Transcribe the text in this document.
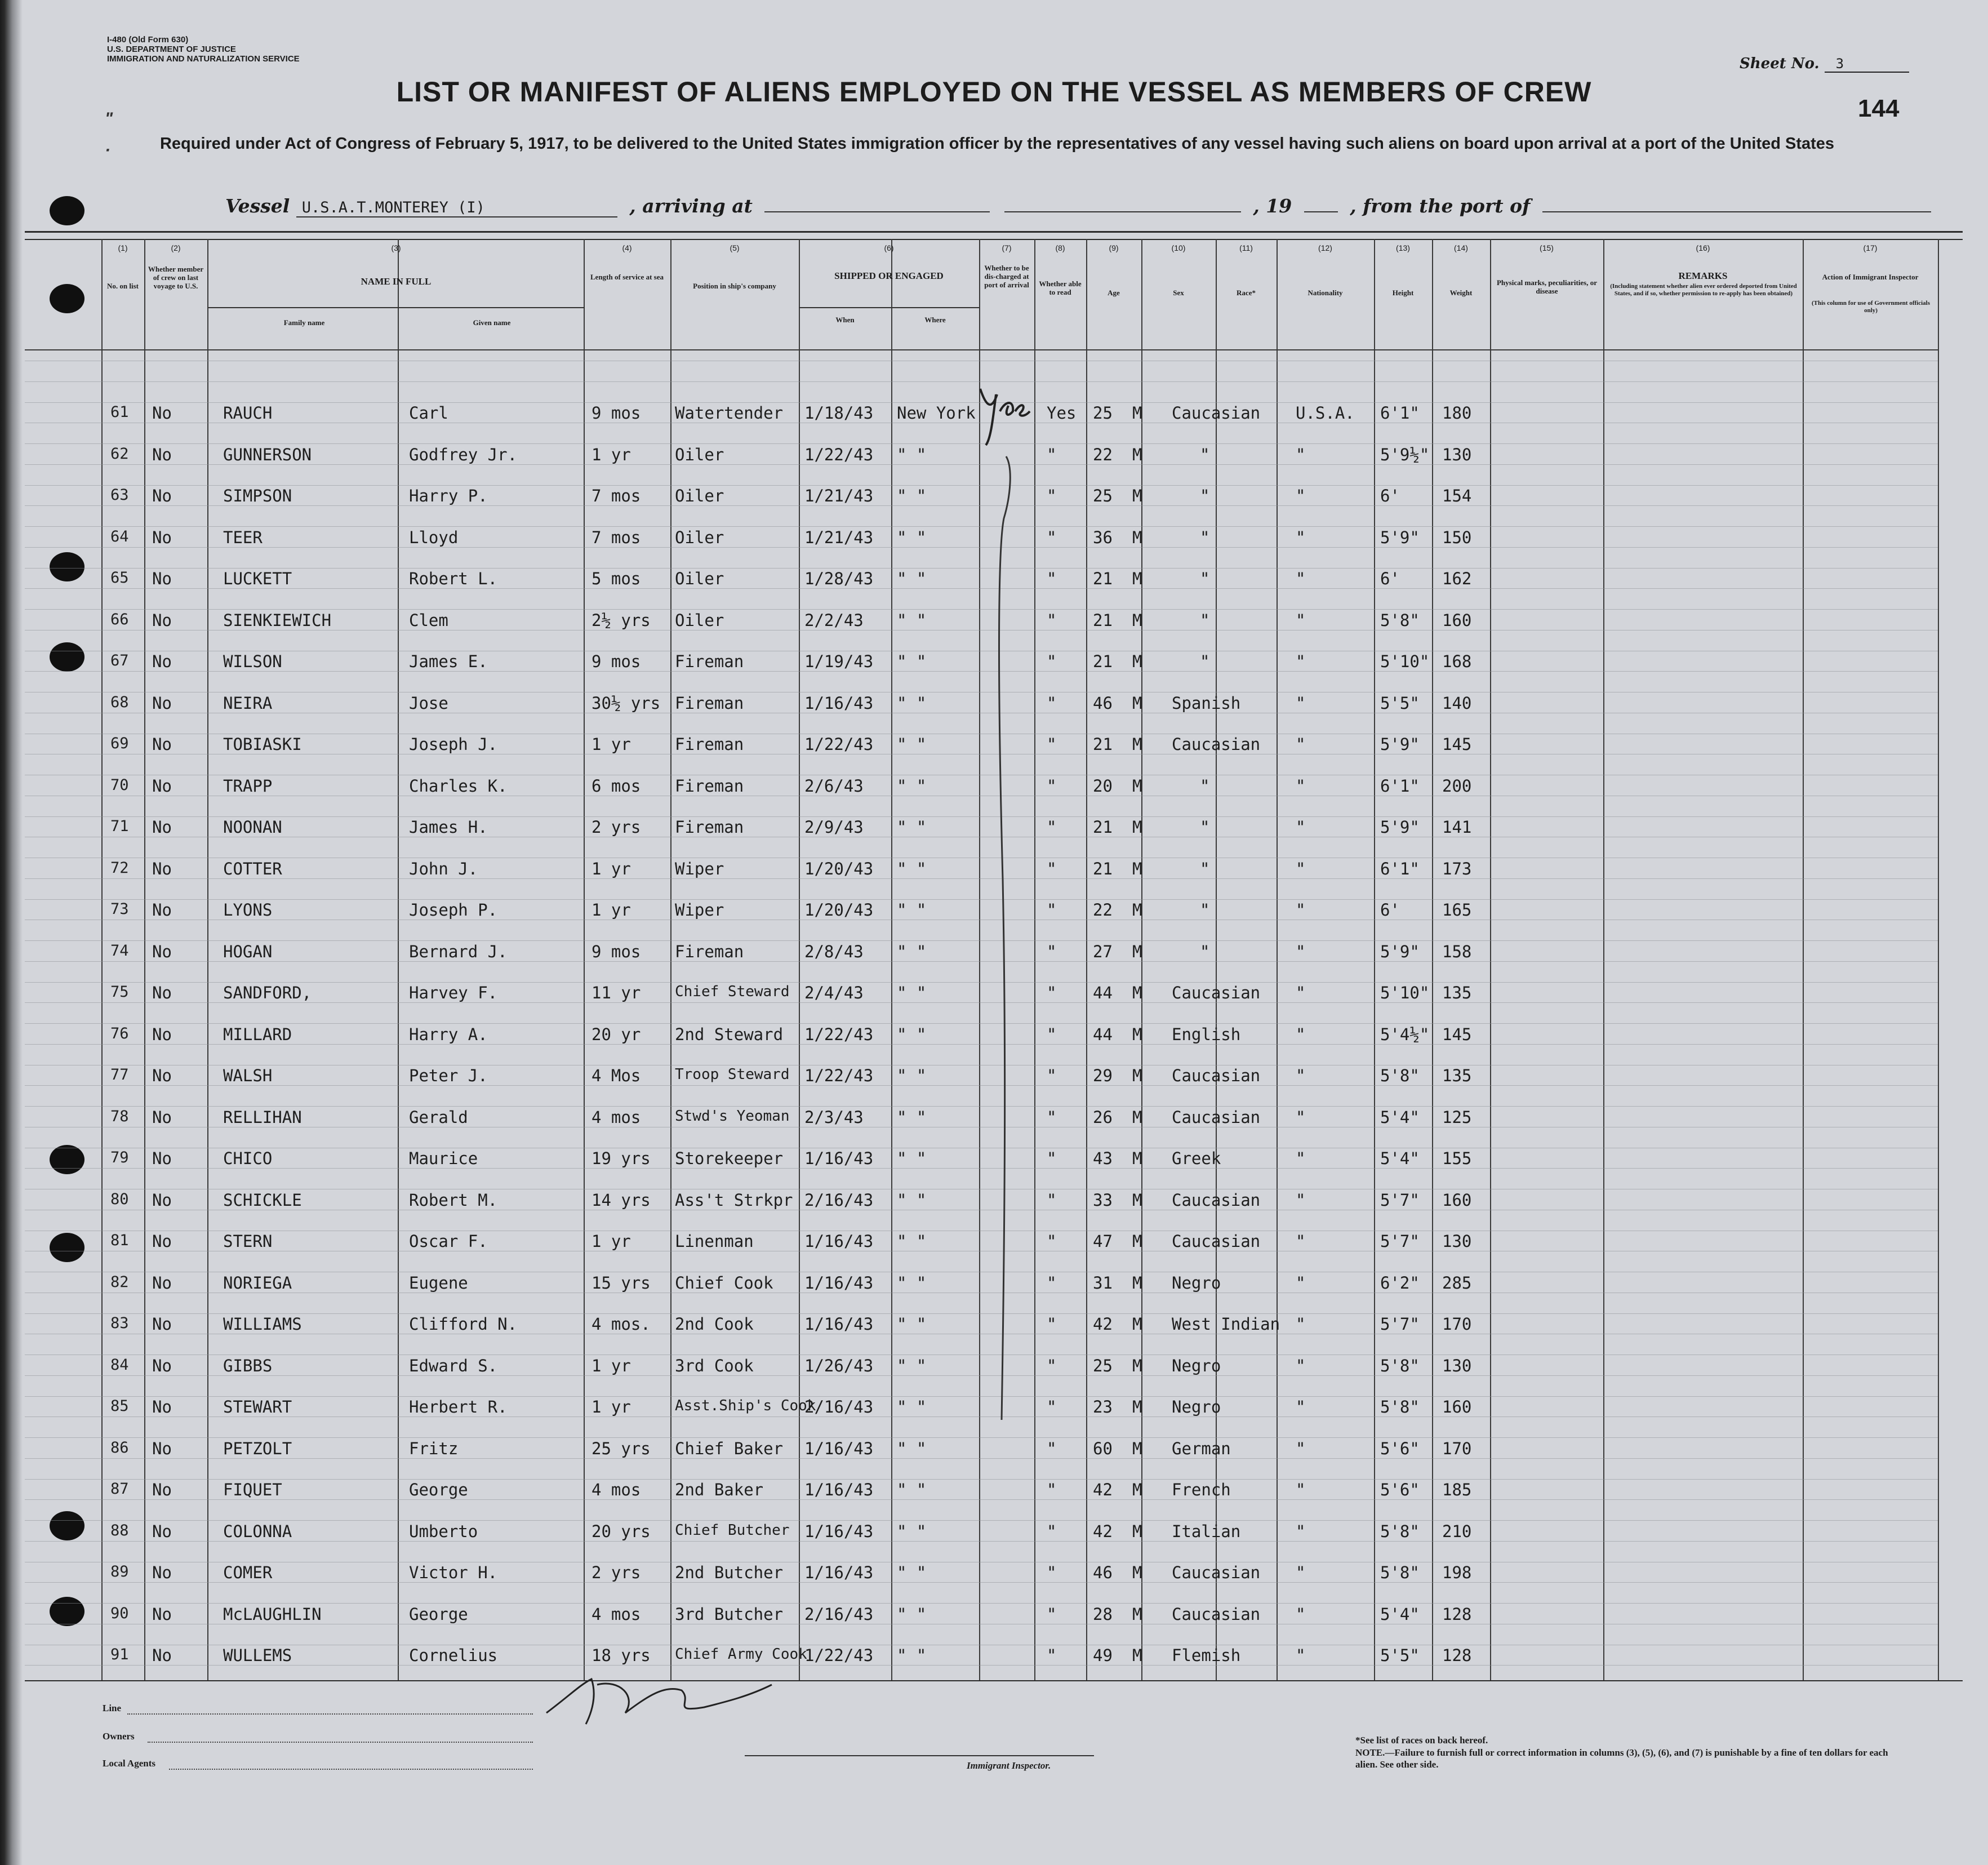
I-480 (Old Form 630)
U.S. DEPARTMENT OF JUSTICE
IMMIGRATION AND NATURALIZATION SERVICE	Sheet No. 3
144
LIST OR MANIFEST OF ALIENS EMPLOYED ON THE VESSEL AS MEMBERS OF CREW
Required under Act of Congress of February 5, 1917, to be delivered to the United States immigration officer by the representatives of any vessel having such aliens on board upon arrival at a port of the United States
Vessel U.S.A.T.MONTEREY (I)	, arriving at	, 19	, from the port of
"
·
(1)	(2)	(3)	(4)	(5)	(6)	(7)	(8)	(9)	(10)	(11)	(12)	(13)	(14)	(15)	(16)	(17)
No. on list
Whether member of crew on last voyage to U.S.	NAME IN FULL
Family name	Given name
Length of service at sea
Position in ship's company
SHIPPED OR ENGAGED
When	Where
Whether to be dis-charged at port of arrival	Whether able to read	Age	Sex	Race*	Nationality	Height	Weight
Physical marks, peculiarities, or disease
REMARKS
(Including statement whether alien ever ordered deported from United States, and if so, whether permission to re-apply has been obtained)
Action of Immigrant Inspector
(This column for use of Government officials only)
61 No	RAUCH	Carl	9 mos Watertender 1/18/43 New York	Yes 25 M Caucasian U.S.A. 6'1" 180
62 No	GUNNERSON	Godfrey Jr.	1 yr	Oiler	1/22/43 " "	" 22 M	"	"	5'9½" 130
63 No	SIMPSON	Harry P.	7 mos Oiler	1/21/43 " "	" 25 M	"	"	6'	154
64 No	TEER	Lloyd	7 mos Oiler	1/21/43 " "	" 36 M	"	"	5'9" 150
65 No	LUCKETT	Robert L.	5 mos Oiler	1/28/43 " "	" 21 M	"	"	6'	162
66 No	SIENKIEWICH	Clem	2½ yrs Oiler	2/2/43 " "	" 21 M	"	"	5'8" 160
67 No	WILSON	James E.	9 mos Fireman	1/19/43 " "	" 21 M	"	"	5'10" 168
68 No	NEIRA	Jose	30½ yrs Fireman	1/16/43 " "	" 46 M Spanish	"	5'5" 140
69 No	TOBIASKI	Joseph J.	1 yr	Fireman	1/22/43 " "	" 21 M Caucasian "	5'9" 145
70 No	TRAPP	Charles K.	6 mos Fireman	2/6/43 " "	" 20 M	"	"	6'1" 200
71 No	NOONAN	James H.	2 yrs Fireman	2/9/43 " "	" 21 M	"	"	5'9" 141
72 No	COTTER	John J.	1 yr	Wiper	1/20/43 " "	" 21 M	"	"	6'1" 173
73 No	LYONS	Joseph P.	1 yr	Wiper	1/20/43 " "	" 22 M	"	"	6'	165
74 No	HOGAN	Bernard J.	9 mos Fireman	2/8/43 " "	" 27 M	"	"	5'9" 158
75 No	SANDFORD,	Harvey F.	11 yr Chief Steward 2/4/43 " "	" 44 M Caucasian "	5'10" 135
76 No	MILLARD	Harry A.	20 yr 2nd Steward 1/22/43 " "	" 44 M English	"	5'4½" 145
77 No	WALSH	Peter J.	4 Mos Troop Steward 1/22/43 " "	" 29 M Caucasian "	5'8" 135
78 No	RELLIHAN	Gerald	4 mos Stwd's Yeoman 2/3/43 " "	" 26 M Caucasian "	5'4" 125
79 No	CHICO	Maurice	19 yrs Storekeeper 1/16/43 " "	" 43 M Greek	"	5'4" 155
80 No	SCHICKLE	Robert M.	14 yrs Ass't Strkpr 2/16/43 " "	" 33 M Caucasian "	5'7" 160
81 No	STERN	Oscar F.	1 yr	Linenman	1/16/43 " "	" 47 M Caucasian "	5'7" 130
82 No	NORIEGA	Eugene	15 yrs Chief Cook 1/16/43 " "	" 31 M Negro	"	6'2" 285
83 No	WILLIAMS	Clifford N.	4 mos. 2nd Cook	1/16/43 " "	" 42 M West Indian "	5'7" 170
84 No	GIBBS	Edward S.	1 yr	3rd Cook	1/26/43 " "	" 25 M Negro	"	5'8" 130
85 No	STEWART	Herbert R.	1 yr	Asst.Ship's Cook
2/16/43 " "	" 23 M Negro	"	5'8" 160
86 No	PETZOLT	Fritz	25 yrs Chief Baker 1/16/43 " "	" 60 M German	"	5'6" 170
87 No	FIQUET	George	4 mos 2nd Baker	1/16/43 " "	" 42 M French	"	5'6" 185
88 No	COLONNA	Umberto	20 yrs Chief Butcher 1/16/43 " "	" 42 M Italian	"	5'8" 210
89 No	COMER	Victor H.	2 yrs 2nd Butcher 1/16/43 " "	" 46 M Caucasian "	5'8" 198
90 No	McLAUGHLIN	George	4 mos 3rd Butcher 2/16/43 " "	" 28 M Caucasian "	5'4" 128
91 No	WULLEMS	Cornelius	18 yrs Chief Army Cook
1/22/43 " "	" 49 M Flemish	"	5'5" 128
Line
Owners
Local Agents	Immigrant Inspector.
*See list of races on back hereof.
NOTE.—Failure to furnish full or correct information in columns (3), (5), (6), and (7) is punishable by a fine of ten dollars for each alien. See other side.
